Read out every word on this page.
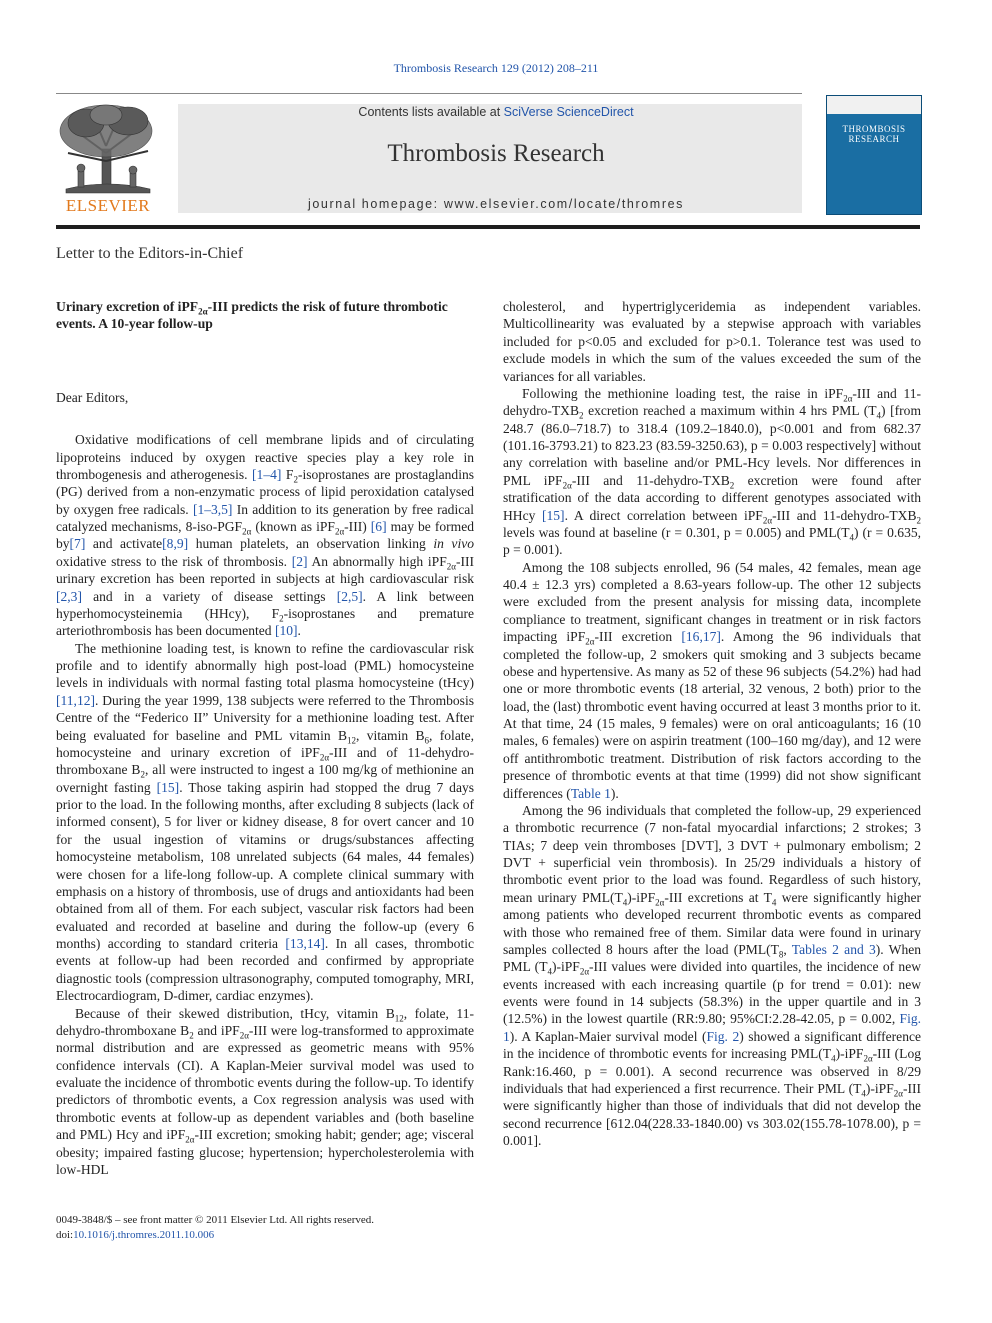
Thrombosis Research 129 (2012) 208–211
ELSEVIER
Contents lists available at SciVerse ScienceDirect
Thrombosis Research
journal homepage: www.elsevier.com/locate/thromres
THROMBOSIS
RESEARCH
Letter to the Editors-in-Chief

Urinary excretion of iPF$_{2\alpha}$-III predicts the risk of future thrombotic events. A 10-year follow-up

Dear Editors,

Oxidative modifications of cell membrane lipids and of circulating lipoproteins induced by oxygen reactive species play a key role in thrombogenesis and atherogenesis. [1–4] $F_2$-isoprostanes are prostaglandins (PG) derived from a non-enzymatic process of lipid peroxidation catalysed by oxygen free radicals. [1–3,5] In addition to its generation by free radical catalyzed mechanisms, $8-iso-PGF_{2\alpha}$ (known as iPF$_{2\alpha}$-III) [6] may be formed by[7] and activate[8,9] human platelets, an observation linking in vivo oxidative stress to the risk of thrombosis. [2] An abnormally high iPF$_{2\alpha}$-III urinary excretion has been reported in subjects at high cardiovascular risk [2,3] and in a variety of disease settings [2,5]. A link between hyperhomocysteinemia (HHcy), $F_2$-isoprostanes and premature arteriothrombosis has been documented [10].

The methionine loading test, is known to refine the cardiovascular risk profile and to identify abnormally high post-load (PML) homocysteine levels in individuals with normal fasting total plasma homocysteine (tHcy) [11,12]. During the year 1999, 138 subjects were referred to the Thrombosis Centre of the “Federico II” University for a methionine loading test. After being evaluated for baseline and PML vitamin $B_{12}$, vitamin $B_6$, folate, homocysteine and urinary excretion of iPF$_{2\alpha}$-III and of 11-dehydro-thromboxane $B_2$, all were instructed to ingest a 100 mg/kg of methionine an overnight fasting [15]. Those taking aspirin had stopped the drug 7 days prior to the load. In the following months, after excluding 8 subjects (lack of informed consent), 5 for liver or kidney disease, 8 for overt cancer and 10 for the usual ingestion of vitamins or drugs/substances affecting homocysteine metabolism, 108 unrelated subjects (64 males, 44 females) were chosen for a life-long follow-up. A complete clinical summary with emphasis on a history of thrombosis, use of drugs and antioxidants had been obtained from all of them. For each subject, vascular risk factors had been evaluated and recorded at baseline and during the follow-up (every 6 months) according to standard criteria [13,14]. In all cases, thrombotic events at follow-up had been recorded and confirmed by appropriate diagnostic tools (compression ultrasonography, computed tomography, MRI, Electrocardiogram, D-dimer, cardiac enzymes).

Because of their skewed distribution, tHcy, vitamin $B_{12}$, folate, 11-dehydro-thromboxane $B_2$ and iPF$_{2\alpha}$-III were log-transformed to approximate normal distribution and are expressed as geometric means with 95% confidence intervals (CI). A Kaplan-Meier survival model was used to evaluate the incidence of thrombotic events during the follow-up. To identify predictors of thrombotic events, a Cox regression analysis was used with thrombotic events at follow-up as dependent variables and (both baseline and PML) Hcy and iPF$_{2\alpha}$-III excretion; smoking habit; gender; age; visceral obesity; impaired fasting glucose; hypertension; hypercholesterolemia with low-HDL

cholesterol, and hypertriglyceridemia as independent variables. Multicollinearity was evaluated by a stepwise approach with variables included for p<0.05 and excluded for p>0.1. Tolerance test was used to exclude models in which the sum of the values exceeded the sum of the variances for all variables.

Following the methionine loading test, the raise in iPF$_{2\alpha}$-III and $11-dehydro-TXB_2$ excretion reached a maximum within 4 hrs PML $(T_4)$ [from 248.7 (86.0–718.7) to 318.4 (109.2–1840.0), p<0.001 and from 682.37 (101.16-3793.21) to 823.23 (83.59-3250.63), p = 0.003 respectively] without any correlation with baseline and/or PML-Hcy levels. Nor differences in PML iPF$_{2\alpha}$-III and $11-dehydro-TXB_2$ excretion were found after stratification of the data according to different genotypes associated with HHcy [15]. A direct correlation between iPF$_{2\alpha}$-III and $11-dehydro-TXB_2$ levels was found at baseline (r = 0.301, p = 0.005) and $PML(T_4) (r = 0.635$, p = 0.001).

Among the 108 subjects enrolled, 96 (54 males, 42 females, mean age 40.4 ± 12.3 yrs) completed a 8.63-years follow-up. The other 12 subjects were excluded from the present analysis for missing data, incomplete compliance to treatment, significant changes in treatment or in risk factors impacting iPF$_{2\alpha}$-III excretion [16,17]. Among the 96 individuals that completed the follow-up, 2 smokers quit smoking and 3 subjects became obese and hypertensive. As many as 52 of these 96 subjects (54.2%) had had one or more thrombotic events (18 arterial, 32 venous, 2 both) prior to the load, the (last) thrombotic event having occurred at least 3 months prior to it. At that time, 24 (15 males, 9 females) were on oral anticoagulants; 16 (10 males, 6 females) were on aspirin treatment (100–160 mg/day), and 12 were off antithrombotic treatment. Distribution of risk factors according to the presence of thrombotic events at that time (1999) did not show significant differences (Table 1).

Among the 96 individuals that completed the follow-up, 29 experienced a thrombotic recurrence (7 non-fatal myocardial infarctions; 2 strokes; 3 TIAs; 7 deep vein thromboses [DVT], 3 DVT + pulmonary embolism; 2 DVT + superficial vein thrombosis). In 25/29 individuals a history of thrombotic event prior to the load was found. Regardless of such history, mean urinary $PML(T_4)-iPF_{2\alpha}$-III excretions at $T_4$ were significantly higher among patients who developed recurrent thrombotic events as compared with those who remained free of them. Similar data were found in urinary samples collected 8 hours after the load ($PML(T_8$, Tables 2 and 3). When PML $(T_4)-iPF_{2\alpha}$-III values were divided into quartiles, the incidence of new events increased with each increasing quartile (p for trend = 0.01): new events were found in 14 subjects (58.3%) in the upper quartile and in 3 (12.5%) in the lowest quartile (RR:9.80; 95%CI:2.28-42.05, p = 0.002, Fig. 1). A Kaplan-Maier survival model (Fig. 2) showed a significant difference in the incidence of thrombotic events for increasing $PML(T_4)-iPF_{2\alpha}$-III (Log Rank:16.460, p = 0.001). A second recurrence was observed in 8/29 individuals that had experienced a first recurrence. Their PML $(T_4)-iPF_{2\alpha}$-III were significantly higher than those of individuals that did not develop the second recurrence [612.04(228.33-1840.00) vs 303.02(155.78-1078.00), p = 0.001].

0049-3848/$ – see front matter © 2011 Elsevier Ltd. All rights reserved.
doi:10.1016/j.thromres.2011.10.006
